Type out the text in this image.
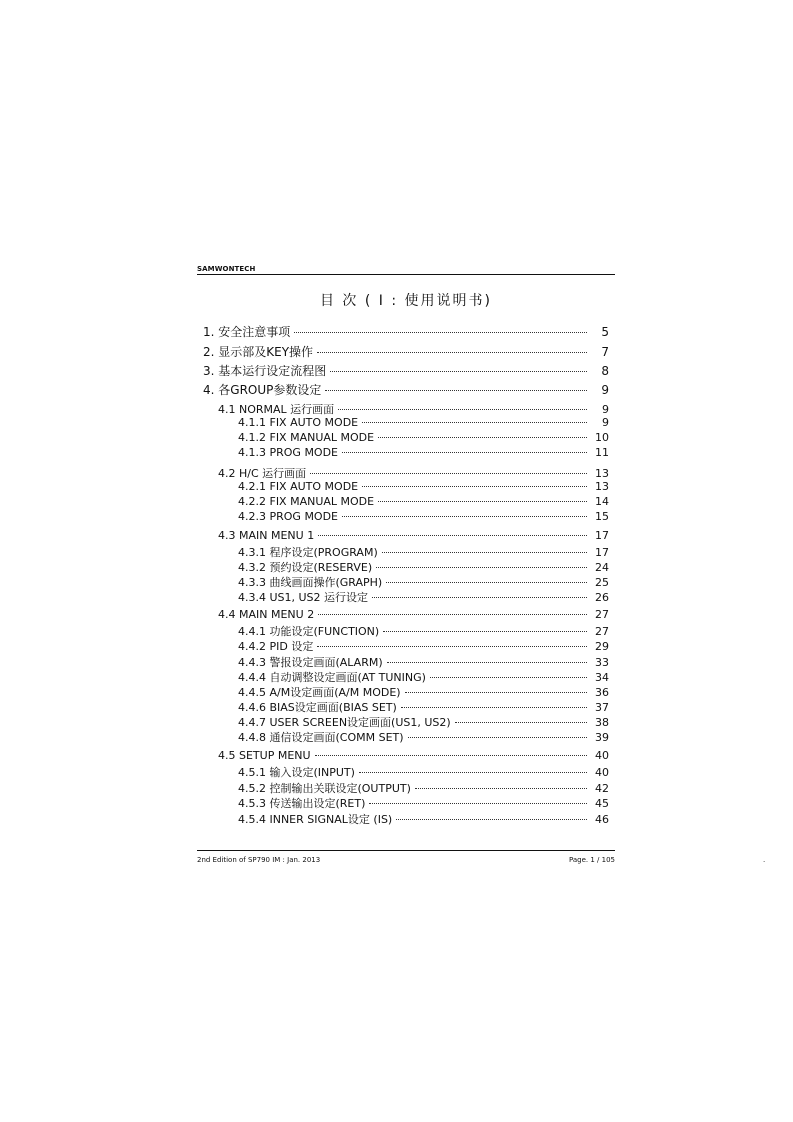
SAMWONTECH
目 次 ( I : 使用说明书)
1. 安全注意事项	5
2. 显示部及KEY操作	7
3. 基本运行设定流程图	8
4. 各GROUP参数设定	9
4.1 NORMAL 运行画面	9
4.1.1 FIX AUTO MODE	9
4.1.2 FIX MANUAL MODE	10
4.1.3 PROG MODE	11
4.2 H/C 运行画面	13
4.2.1 FIX AUTO MODE	13
4.2.2 FIX MANUAL MODE	14
4.2.3 PROG MODE	15
4.3 MAIN MENU 1	17
4.3.1 程序设定(PROGRAM)	17
4.3.2 预约设定(RESERVE)	24
4.3.3 曲线画面操作(GRAPH)	25
4.3.4 US1, US2 运行设定	26
4.4 MAIN MENU 2	27
4.4.1 功能设定(FUNCTION)	27
4.4.2 PID 设定	29
4.4.3 警报设定画面(ALARM)	33
4.4.4 自动调整设定画面(AT TUNING)	34
4.4.5 A/M设定画面(A/M MODE)	36
4.4.6 BIAS设定画面(BIAS SET)	37
4.4.7 USER SCREEN设定画面(US1, US2)	38
4.4.8 通信设定画面(COMM SET)	39
4.5 SETUP MENU	40
4.5.1 输入设定(INPUT)	40
4.5.2 控制输出关联设定(OUTPUT)	42
4.5.3 传送输出设定(RET)	45
4.5.4 INNER SIGNAL设定 (IS)	46
2nd Edition of SP790 IM : Jan. 2013	Page. 1 / 105	.
